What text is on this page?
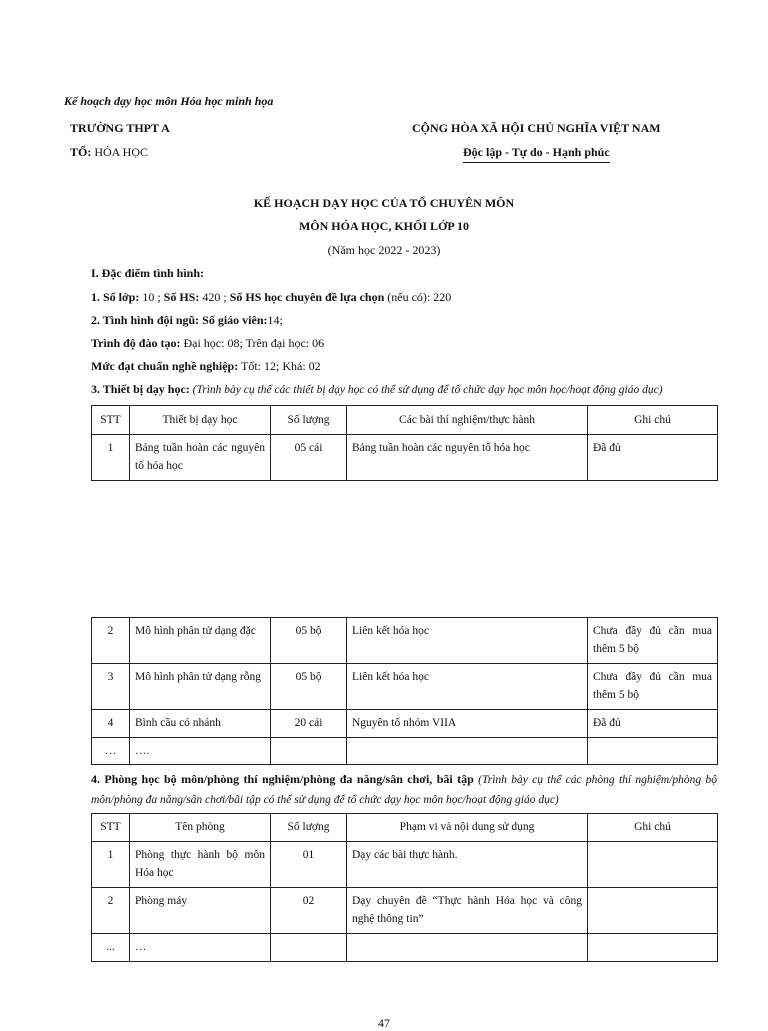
Kế hoạch dạy học môn Hóa học minh họa
TRƯỜNG THPT A
TỔ: HÓA HỌC
CỘNG HÒA XÃ HỘI CHỦ NGHĨA VIỆT NAM
Độc lập - Tự do - Hạnh phúc
KẾ HOẠCH DẠY HỌC CỦA TỔ CHUYÊN MÔN
MÔN HÓA HỌC, KHỐI LỚP 10
(Năm học 2022 - 2023)
I. Đặc điểm tình hình:
1. Số lớp: 10 ; Số HS: 420 ; Số HS học chuyên đề lựa chọn (nếu có): 220
2. Tình hình đội ngũ: Số giáo viên:14;
Trình độ đào tạo: Đại học: 08; Trên đại học: 06
Mức đạt chuẩn nghề nghiệp: Tốt: 12; Khá: 02
3. Thiết bị dạy học: (Trình bày cụ thể các thiết bị dạy học có thể sử dụng để tổ chức dạy học môn học/hoạt động giáo dục)
STT	Thiết bị dạy học	Số lượng	Các bài thí nghiệm/thực hành	Ghi chú
1	Bảng tuần hoàn các nguyên tố hóa học	05 cái	Bảng tuần hoàn các nguyên tố hóa học	Đã đủ
2	Mô hình phân tử dạng đặc	05 bộ	Liên kết hóa học	Chưa đầy đủ cần mua thêm 5 bộ
3	Mô hình phân tử dạng rỗng	05 bộ	Liên kết hóa học	Chưa đầy đủ cần mua thêm 5 bộ
4	Bình cầu có nhánh	20 cái	Nguyên tố nhóm VIIA	Đã đủ
…	….			
4. Phòng học bộ môn/phòng thí nghiệm/phòng đa năng/sân chơi, bãi tập (Trình bày cụ thể các phòng thí nghiệm/phòng bộ môn/phòng đa năng/sân chơi/bãi tập có thể sử dụng để tổ chức dạy học môn học/hoạt động giáo dục)
STT	Tên phòng	Số lượng	Phạm vi và nội dung sử dụng	Ghi chú
1	Phòng thực hành bộ môn Hóa học	01	Dạy các bài thực hành.	
2	Phòng máy	02	Dạy chuyên đề “Thực hành Hóa học và công nghệ thông tin”	
...	…			
47
